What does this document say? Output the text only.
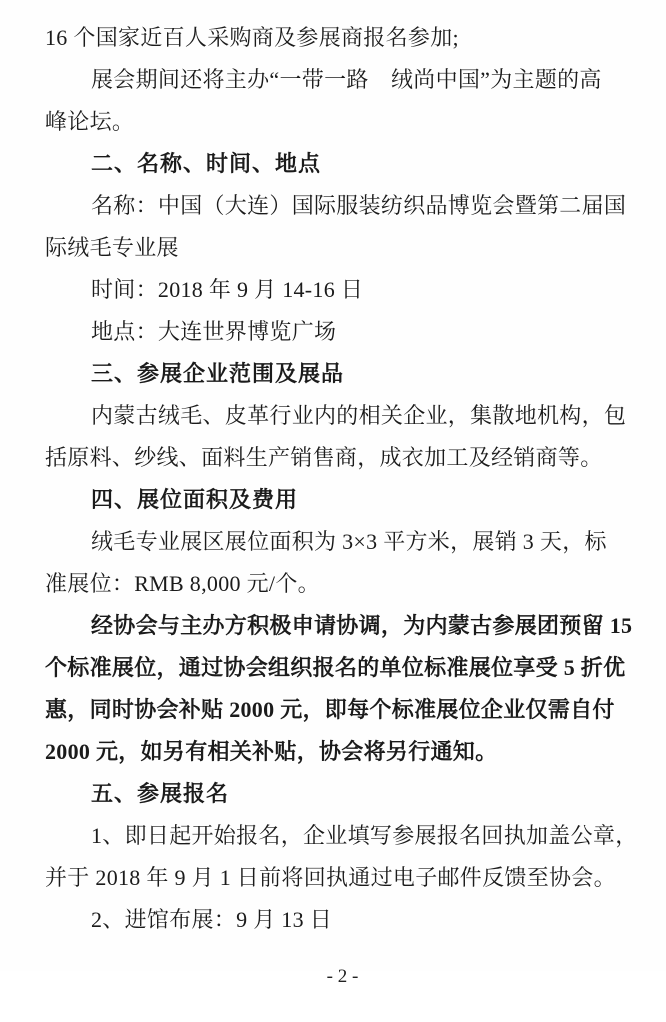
16 个国家近百人采购商及参展商报名参加;
展会期间还将主办“一带一路　绒尚中国”为主题的高
峰论坛。
二、名称、时间、地点
名称：中国（大连）国际服装纺织品博览会暨第二届国
际绒毛专业展
时间：2018 年 9 月 14-16 日
地点：大连世界博览广场
三、参展企业范围及展品
内蒙古绒毛、皮革行业内的相关企业，集散地机构，包
括原料、纱线、面料生产销售商，成衣加工及经销商等。
四、展位面积及费用
绒毛专业展区展位面积为 3×3 平方米，展销 3 天，标
准展位：RMB 8,000 元/个。
经协会与主办方积极申请协调，为内蒙古参展团预留 15
个标准展位，通过协会组织报名的单位标准展位享受 5 折优
惠，同时协会补贴 2000 元，即每个标准展位企业仅需自付
2000 元，如另有相关补贴，协会将另行通知。
五、参展报名
1、即日起开始报名，企业填写参展报名回执加盖公章，
并于 2018 年 9 月 1 日前将回执通过电子邮件反馈至协会。
2、进馆布展：9 月 13 日

- 2 -
